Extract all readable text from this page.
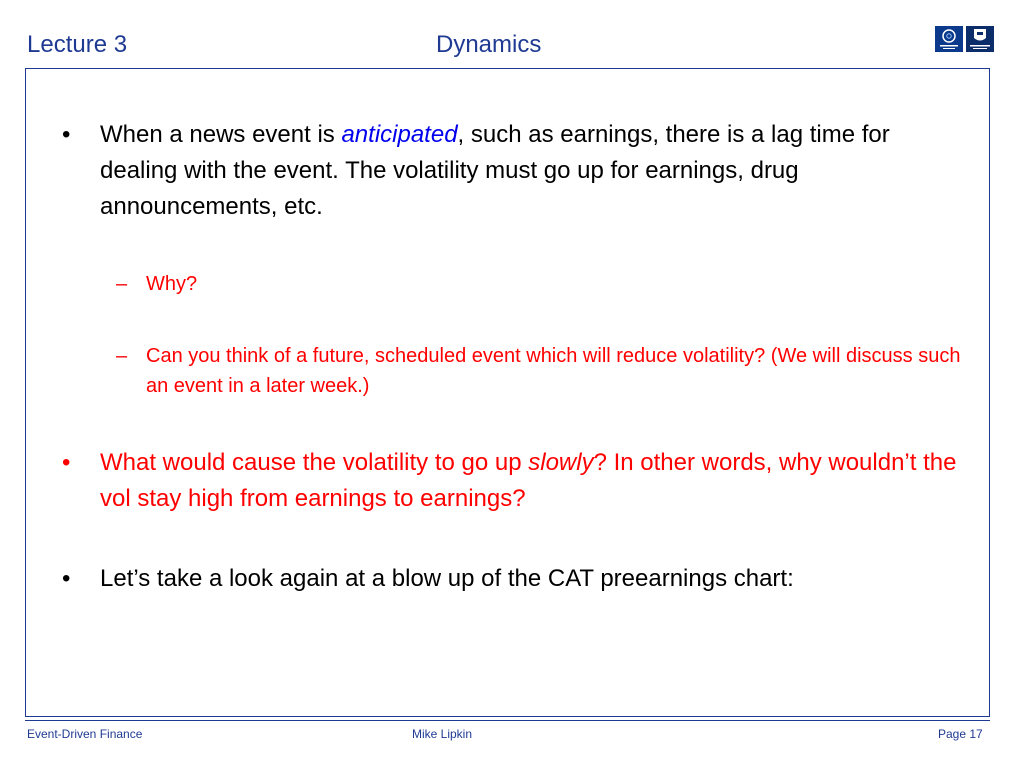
Lecture 3	Dynamics
• When a news event is anticipated, such as earnings, there is a lag time for dealing with the event. The volatility must go up for earnings, drug announcements, etc.
– Why?
– Can you think of a future, scheduled event which will reduce volatility? (We will discuss such an event in a later week.)
• What would cause the volatility to go up slowly? In other words, why wouldn’t the vol stay high from earnings to earnings?
• Let’s take a look again at a blow up of the CAT preearnings chart:
Event-Driven Finance	Mike Lipkin	Page 17
